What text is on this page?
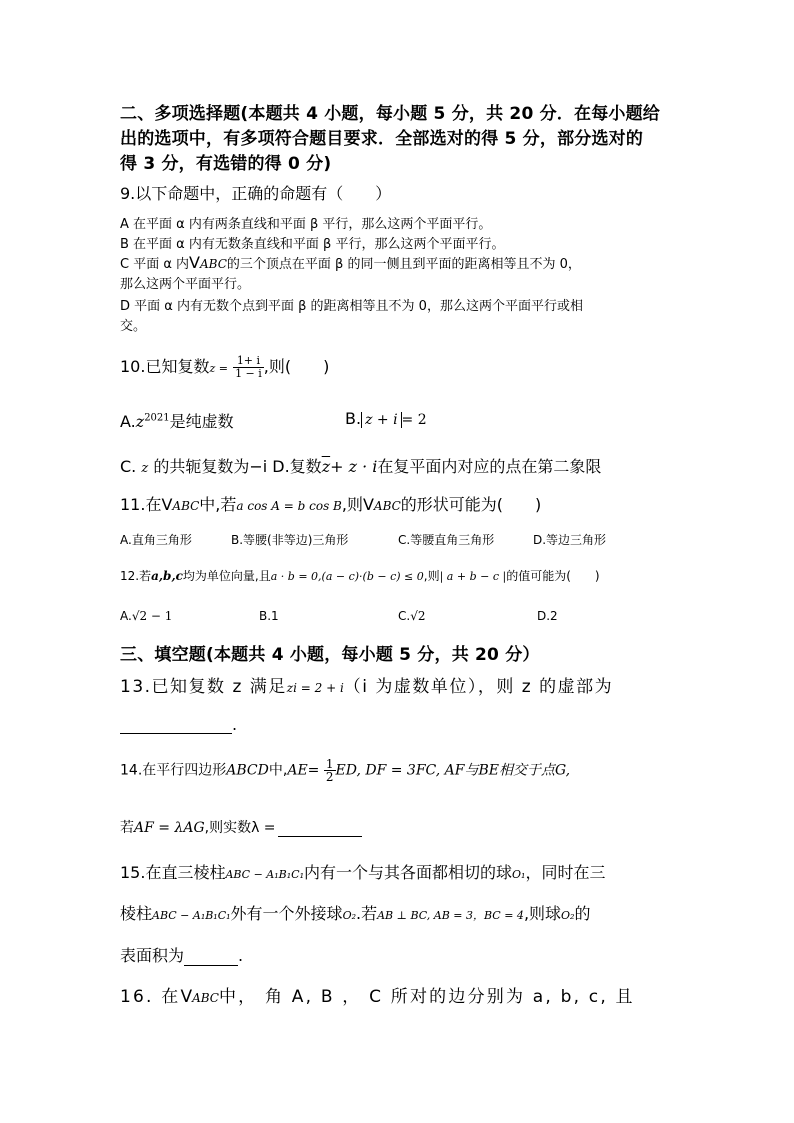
二、多项选择题(本题共 4 小题，每小题 5 分，共 20 分．在每小题给
出的选项中，有多项符合题目要求．全部选对的得 5 分，部分选对的
得 3 分，有选错的得 0 分)
9.以下命题中，正确的命题有（　　）
A 在平面 α 内有两条直线和平面 β 平行，那么这两个平面平行。
B 在平面 α 内有无数条直线和平面 β 平行，那么这两个平面平行。
C 平面 α 内VABC的三个顶点在平面 β 的同一侧且到平面的距离相等且不为 0，
那么这两个平面平行。
D 平面 α 内有无数个点到平面 β 的距离相等且不为 0，那么这两个平面平行或相
交。
10.已知复数$z = \frac{1+ i}{1 - i}$ ,则(　　)
$A.z^{2021}$是纯虚数	B. z + i = 2
C. z 的共轭复数为−i D.复数$\overline{z}+ z \cdot i$在复平面内对应的点在第二象限
11.在VABC中,若a cos A = b cos B,则VABC的形状可能为(　　)
A.直角三角形	B.等腰(非等边)三角形	C.等腰直角三角形	D.等边三角形
12.若a,b,c均为单位向量,且a · b = 0,(a − c)·(b − c) ≤ 0,则| a + b − c |的值可能为(　　)
A.√2 − 1	B.1	C.√2	D.2
三、填空题(本题共 4 小题，每小题 5 分，共 20 分）
13.已知复数 z 满足zi = 2 + i（i 为虚数单位），则 z 的虚部为
.
14.在平行四边形ABCD中$,AE= \frac{1}{2}$ ED, DF = 3FC, AF与BE相交于点G,
若AF = λAG,则实数λ =
15.在直三棱柱ABC − A₁B₁C₁内有一个与其各面都相切的球O₁，同时在三
棱柱ABC − A₁B₁C₁外有一个外接球O₂.若AB ⊥ BC, AB = 3，BC = 4,则球O₂的
表面积为	.
16. 在VABC中， 角 A, B ， C 所对的边分别为 a, b, c, 且
